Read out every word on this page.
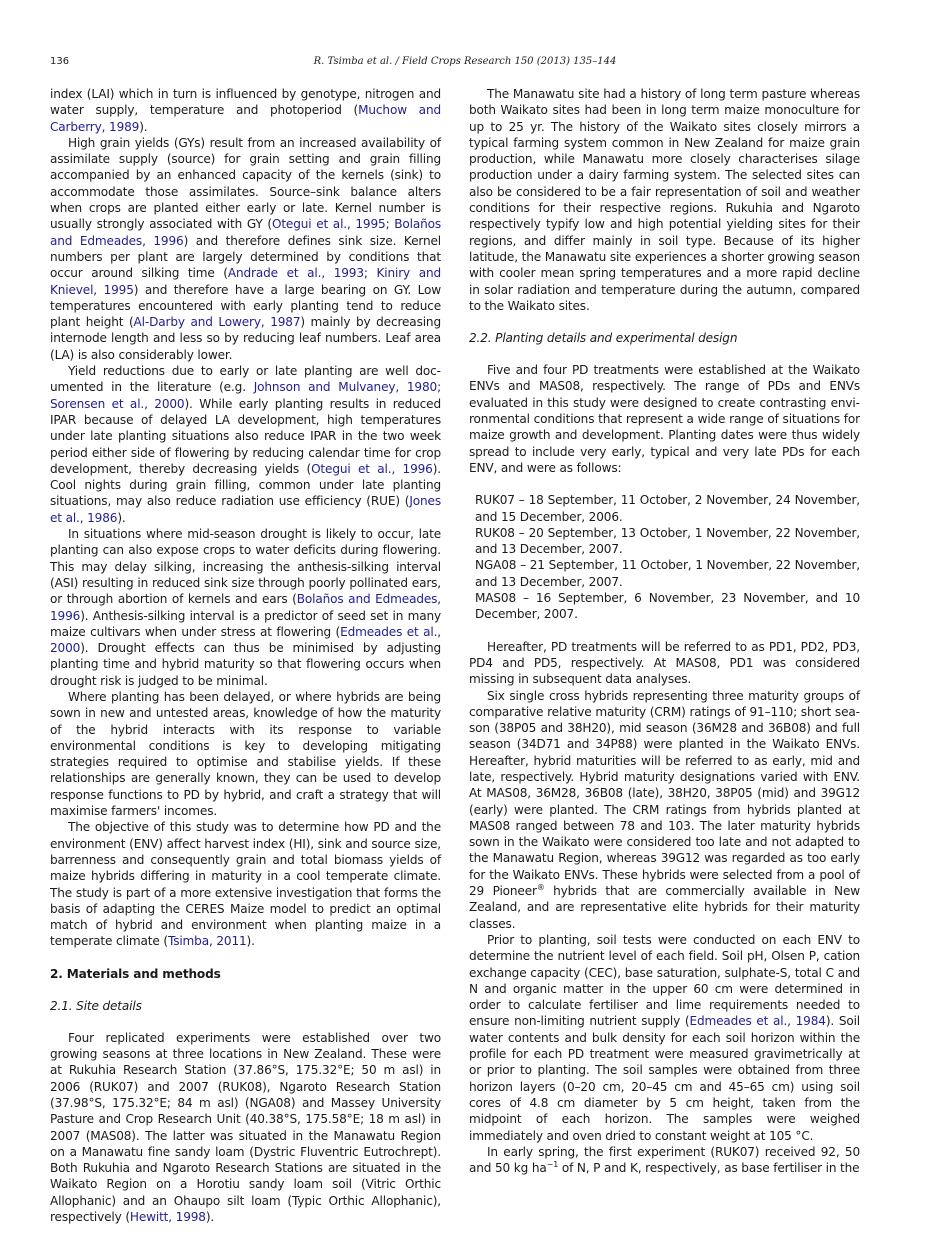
136	R. Tsimba et al. / Field Crops Research 150 (2013) 135–144

index (LAI) which in turn is influenced by genotype, nitrogen and water supply, temperature and photoperiod (Muchow and Carberry, 1989).

High grain yields (GYs) result from an increased availability of assimilate supply (source) for grain setting and grain filling accompanied by an enhanced capacity of the kernels (sink) to accommodate those assimilates. Source–sink balance alters when crops are planted either early or late. Kernel number is usually strongly associated with GY (Otegui et al., 1995; Bolaños and Edmeades, 1996) and therefore defines sink size. Kernel numbers per plant are largely determined by conditions that occur around silking time (Andrade et al., 1993; Kiniry and Knievel, 1995) and therefore have a large bearing on GY. Low temperatures encountered with early planting tend to reduce plant height (Al-Darby and Lowery, 1987) mainly by decreasing internode length and less so by reducing leaf numbers. Leaf area (LA) is also considerably lower.

Yield reductions due to early or late planting are well documented in the literature (e.g. Johnson and Mulvaney, 1980; Sorensen et al., 2000). While early planting results in reduced IPAR because of delayed LA development, high temperatures under late planting situations also reduce IPAR in the two week period either side of flowering by reducing calendar time for crop development, thereby decreasing yields (Otegui et al., 1996). Cool nights during grain filling, common under late planting situations, may also reduce radiation use efficiency (RUE) (Jones et al., 1986).

In situations where mid-season drought is likely to occur, late planting can also expose crops to water deficits during flowering. This may delay silking, increasing the anthesis-silking interval (ASI) resulting in reduced sink size through poorly pollinated ears, or through abortion of kernels and ears (Bolaños and Edmeades, 1996). Anthesis-silking interval is a predictor of seed set in many maize cultivars when under stress at flowering (Edmeades et al., 2000). Drought effects can thus be minimised by adjusting planting time and hybrid maturity so that flowering occurs when drought risk is judged to be minimal.

Where planting has been delayed, or where hybrids are being sown in new and untested areas, knowledge of how the maturity of the hybrid interacts with its response to variable environmental conditions is key to developing mitigating strategies required to optimise and stabilise yields. If these relationships are generally known, they can be used to develop response functions to PD by hybrid, and craft a strategy that will maximise farmers' incomes.

The objective of this study was to determine how PD and the environment (ENV) affect harvest index (HI), sink and source size, barrenness and consequently grain and total biomass yields of maize hybrids differing in maturity in a cool temperate climate. The study is part of a more extensive investigation that forms the basis of adapting the CERES Maize model to predict an optimal match of hybrid and environment when planting maize in a temperate climate (Tsimba, 2011).

2. Materials and methods
2.1. Site details

Four replicated experiments were established over two growing seasons at three locations in New Zealand. These were at Rukuhia Research Station (37.86°S, 175.32°E; 50 m asl) in 2006 (RUK07) and 2007 (RUK08), Ngaroto Research Station (37.98°S, 175.32°E; 84 m asl) (NGA08) and Massey University Pasture and Crop Research Unit (40.38°S, 175.58°E; 18 m asl) in 2007 (MAS08). The latter was situated in the Manawatu Region on a Manawatu fine sandy loam (Dystric Fluventric Eutrochrept). Both Rukuhia and Ngaroto Research Stations are situated in the Waikato Region on a Horotiu sandy loam soil (Vitric Orthic Allophanic) and an Ohaupo silt loam (Typic Orthic Allophanic), respectively (Hewitt, 1998).

The Manawatu site had a history of long term pasture whereas both Waikato sites had been in long term maize monoculture for up to 25 yr. The history of the Waikato sites closely mirrors a typical farming system common in New Zealand for maize grain production, while Manawatu more closely characterises silage production under a dairy farming system. The selected sites can also be considered to be a fair representation of soil and weather conditions for their respective regions. Rukuhia and Ngaroto respectively typify low and high potential yielding sites for their regions, and differ mainly in soil type. Because of its higher latitude, the Manawatu site experiences a shorter growing season with cooler mean spring temperatures and a more rapid decline in solar radiation and temperature during the autumn, compared to the Waikato sites.

2.2. Planting details and experimental design

Five and four PD treatments were established at the Waikato ENVs and MAS08, respectively. The range of PDs and ENVs evaluated in this study were designed to create contrasting environmental conditions that represent a wide range of situations for maize growth and development. Planting dates were thus widely spread to include very early, typical and very late PDs for each ENV, and were as follows:

RUK07 – 18 September, 11 October, 2 November, 24 November, and 15 December, 2006.

RUK08 – 20 September, 13 October, 1 November, 22 November, and 13 December, 2007.

NGA08 – 21 September, 11 October, 1 November, 22 November, and 13 December, 2007.

MAS08 – 16 September, 6 November, 23 November, and 10 December, 2007.

Hereafter, PD treatments will be referred to as PD1, PD2, PD3, PD4 and PD5, respectively. At MAS08, PD1 was considered missing in subsequent data analyses.

Six single cross hybrids representing three maturity groups of comparative relative maturity (CRM) ratings of 91–110; short season (38P05 and 38H20), mid season (36M28 and 36B08) and full season (34D71 and 34P88) were planted in the Waikato ENVs. Hereafter, hybrid maturities will be referred to as early, mid and late, respectively. Hybrid maturity designations varied with ENV. At MAS08, 36M28, 36B08 (late), 38H20, 38P05 (mid) and 39G12 (early) were planted. The CRM ratings from hybrids planted at MAS08 ranged between 78 and 103. The later maturity hybrids sown in the Waikato were considered too late and not adapted to the Manawatu Region, whereas 39G12 was regarded as too early for the Waikato ENVs. These hybrids were selected from a pool of 29 Pioneer® hybrids that are commercially available in New Zealand, and are representative elite hybrids for their maturity classes.

Prior to planting, soil tests were conducted on each ENV to determine the nutrient level of each field. Soil pH, Olsen P, cation exchange capacity (CEC), base saturation, sulphate-S, total C and N and organic matter in the upper 60 cm were determined in order to calculate fertiliser and lime requirements needed to ensure non-limiting nutrient supply (Edmeades et al., 1984). Soil water contents and bulk density for each soil horizon within the profile for each PD treatment were measured gravimetrically at or prior to planting. The soil samples were obtained from three horizon layers (0–20 cm, 20–45 cm and 45–65 cm) using soil cores of 4.8 cm diameter by 5 cm height, taken from the midpoint of each horizon. The samples were weighed immediately and oven dried to constant weight at 105 °C.

In early spring, the first experiment (RUK07) received 92, 50 and 50 kg $ha^{-1}$ of N, P and K, respectively, as base fertiliser in the
